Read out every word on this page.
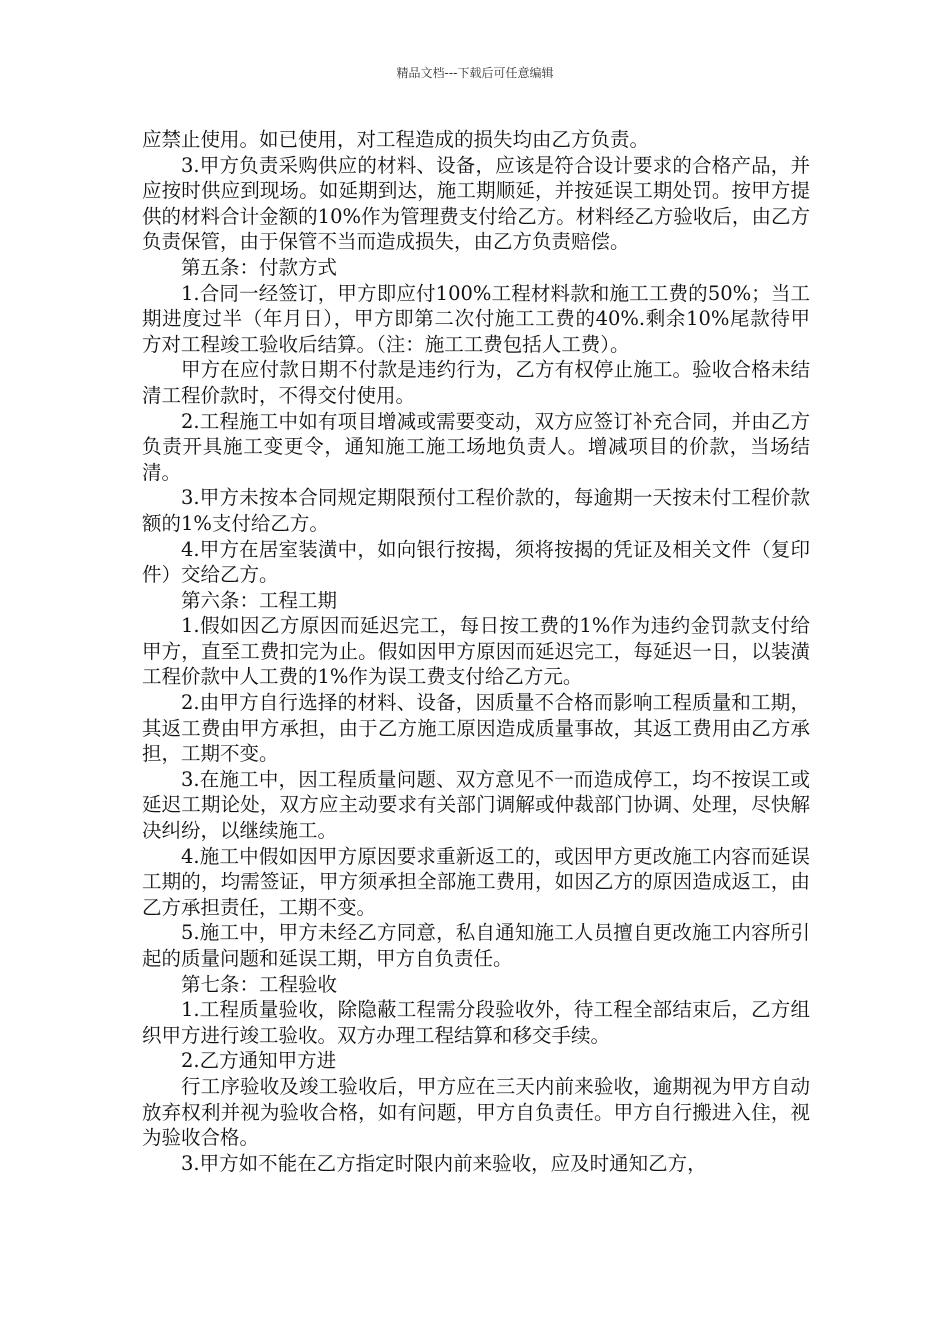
精品文档---下载后可任意编辑

应禁止使用。如已使用，对工程造成的损失均由乙方负责。

3.甲方负责采购供应的材料、设备，应该是符合设计要求的合格产品，并应按时供应到现场。如延期到达，施工期顺延，并按延误工期处罚。按甲方提供的材料合计金额的10%作为管理费支付给乙方。材料经乙方验收后，由乙方负责保管，由于保管不当而造成损失，由乙方负责赔偿。

第五条：付款方式

1.合同一经签订，甲方即应付100%工程材料款和施工工费的50%；当工期进度过半（年月日），甲方即第二次付施工工费的40%.剩余10%尾款待甲方对工程竣工验收后结算。（注：施工工费包括人工费）。

甲方在应付款日期不付款是违约行为，乙方有权停止施工。验收合格未结清工程价款时，不得交付使用。

2.工程施工中如有项目增减或需要变动，双方应签订补充合同，并由乙方负责开具施工变更令，通知施工施工场地负责人。增减项目的价款，当场结清。

3.甲方未按本合同规定期限预付工程价款的，每逾期一天按未付工程价款额的1%支付给乙方。

4.甲方在居室装潢中，如向银行按揭，须将按揭的凭证及相关文件（复印件）交给乙方。

第六条：工程工期

1.假如因乙方原因而延迟完工，每日按工费的1%作为违约金罚款支付给甲方，直至工费扣完为止。假如因甲方原因而延迟完工，每延迟一日，以装潢工程价款中人工费的1%作为误工费支付给乙方元。

2.由甲方自行选择的材料、设备，因质量不合格而影响工程质量和工期，其返工费由甲方承担，由于乙方施工原因造成质量事故，其返工费用由乙方承担，工期不变。

3.在施工中，因工程质量问题、双方意见不一而造成停工，均不按误工或延迟工期论处，双方应主动要求有关部门调解或仲裁部门协调、处理，尽快解决纠纷，以继续施工。

4.施工中假如因甲方原因要求重新返工的，或因甲方更改施工内容而延误工期的，均需签证，甲方须承担全部施工费用，如因乙方的原因造成返工，由乙方承担责任，工期不变。

5.施工中，甲方未经乙方同意，私自通知施工人员擅自更改施工内容所引起的质量问题和延误工期，甲方自负责任。

第七条：工程验收

1.工程质量验收，除隐蔽工程需分段验收外，待工程全部结束后，乙方组织甲方进行竣工验收。双方办理工程结算和移交手续。

2.乙方通知甲方进

行工序验收及竣工验收后，甲方应在三天内前来验收，逾期视为甲方自动放弃权利并视为验收合格，如有问题，甲方自负责任。甲方自行搬进入住，视为验收合格。

3.甲方如不能在乙方指定时限内前来验收，应及时通知乙方，
